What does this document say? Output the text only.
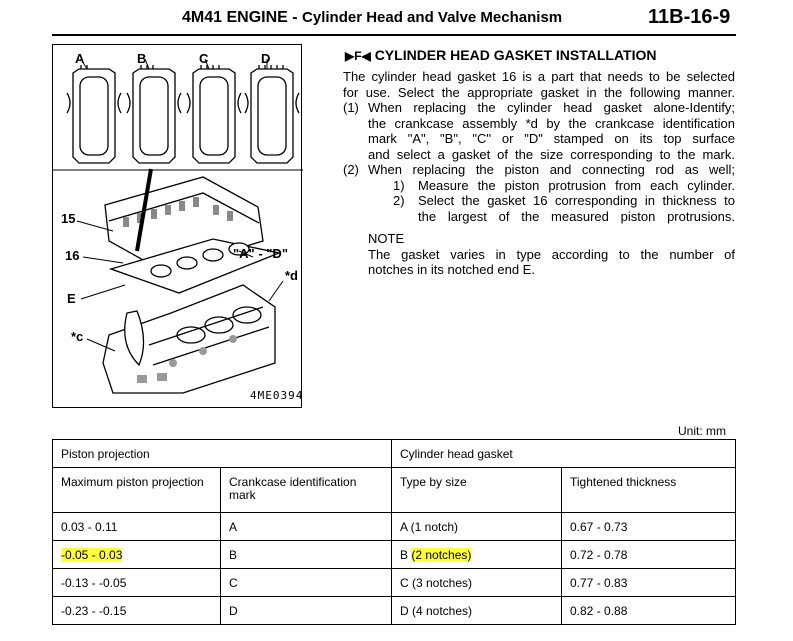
4M41 ENGINE - Cylinder Head and Valve Mechanism	11B-16-9
A	B	C	D
15
16
E
"A" - "D"
*d
*c
4ME0394
▶F◀ CYLINDER HEAD GASKET INSTALLATION
The cylinder head gasket 16 is a part that needs to be selected
for use. Select the appropriate gasket in the following manner.
(1) When replacing the cylinder head gasket alone-Identify;
the crankcase assembly *d by the crankcase identification
mark "A", "B", "C" or "D" stamped on its top surface
and select a gasket of the size corresponding to the mark.
(2) When replacing the piston and connecting rod as well;
1) Measure the piston protrusion from each cylinder.
2) Select the gasket 16 corresponding in thickness to
the largest of the measured piston protrusions.
NOTE
The gasket varies in type according to the number of
notches in its notched end E.
Unit: mm
Piston projection		Cylinder head gasket	
Maximum piston projection	Crankcase identification mark	Type by size	Tightened thickness
0.03 - 0.11	A	A (1 notch)	0.67 - 0.73
-0.05 - 0.03	B	B (2 notches)	0.72 - 0.78
-0.13 - -0.05	C	C (3 notches)	0.77 - 0.83
-0.23 - -0.15	D	D (4 notches)	0.82 - 0.88
